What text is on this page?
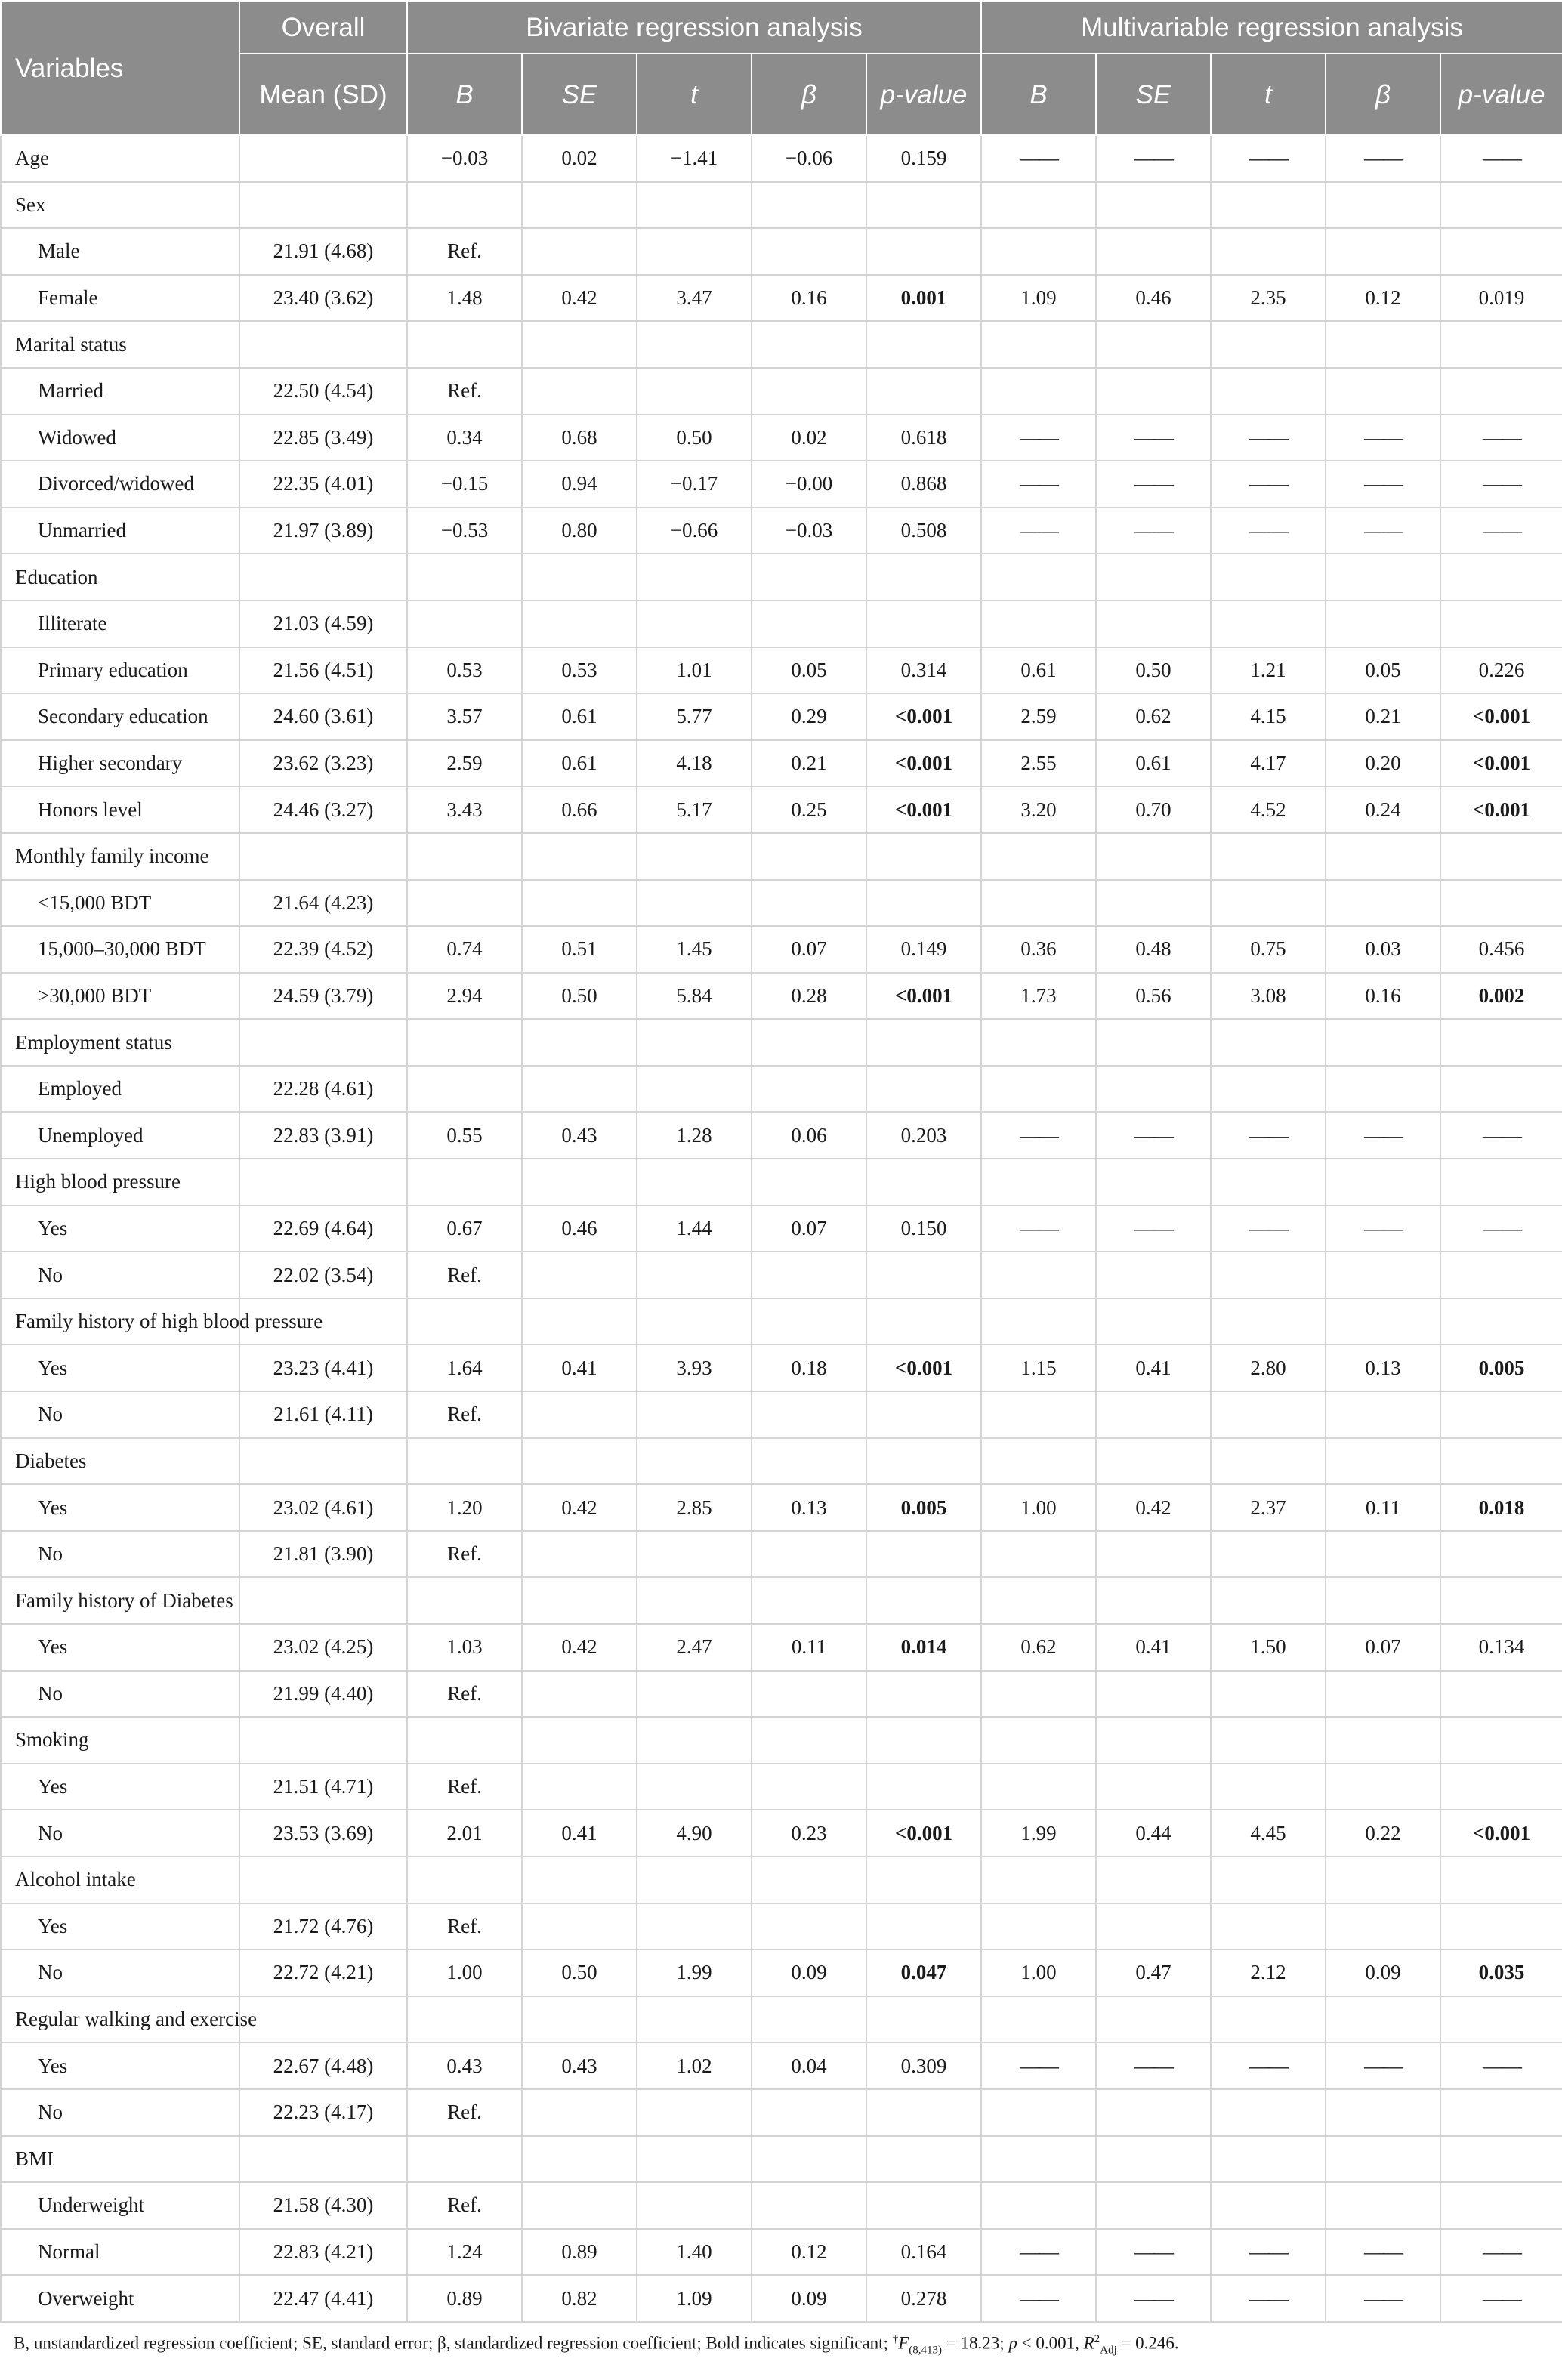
Variables	Overall	Bivariate regression analysis					Multivariable regression analysis				
	Mean (SD)	B	SE	t	β	p-value	B	SE	t	β	p-value
Age		−0.03	0.02	−1.41	−0.06	0.159	——	——	——	——	——
Sex											
Male	21.91 (4.68)	Ref.									
Female	23.40 (3.62)	1.48	0.42	3.47	0.16	0.001	1.09	0.46	2.35	0.12	0.019
Marital status											
Married	22.50 (4.54)	Ref.									
Widowed	22.85 (3.49)	0.34	0.68	0.50	0.02	0.618	——	——	——	——	——
Divorced/widowed	22.35 (4.01)	−0.15	0.94	−0.17	−0.00	0.868	——	——	——	——	——
Unmarried	21.97 (3.89)	−0.53	0.80	−0.66	−0.03	0.508	——	——	——	——	——
Education											
Illiterate	21.03 (4.59)										
Primary education	21.56 (4.51)	0.53	0.53	1.01	0.05	0.314	0.61	0.50	1.21	0.05	0.226
Secondary education	24.60 (3.61)	3.57	0.61	5.77	0.29	<0.001	2.59	0.62	4.15	0.21	<0.001
Higher secondary	23.62 (3.23)	2.59	0.61	4.18	0.21	<0.001	2.55	0.61	4.17	0.20	<0.001
Honors level	24.46 (3.27)	3.43	0.66	5.17	0.25	<0.001	3.20	0.70	4.52	0.24	<0.001
Monthly family income											
<15,000 BDT	21.64 (4.23)										
15,000–30,000 BDT	22.39 (4.52)	0.74	0.51	1.45	0.07	0.149	0.36	0.48	0.75	0.03	0.456
>30,000 BDT	24.59 (3.79)	2.94	0.50	5.84	0.28	<0.001	1.73	0.56	3.08	0.16	0.002
Employment status											
Employed	22.28 (4.61)										
Unemployed	22.83 (3.91)	0.55	0.43	1.28	0.06	0.203	——	——	——	——	——
High blood pressure											
Yes	22.69 (4.64)	0.67	0.46	1.44	0.07	0.150	——	——	——	——	——
No	22.02 (3.54)	Ref.									
Family history of high blood pressure											
Yes	23.23 (4.41)	1.64	0.41	3.93	0.18	<0.001	1.15	0.41	2.80	0.13	0.005
No	21.61 (4.11)	Ref.									
Diabetes											
Yes	23.02 (4.61)	1.20	0.42	2.85	0.13	0.005	1.00	0.42	2.37	0.11	0.018
No	21.81 (3.90)	Ref.									
Family history of Diabetes											
Yes	23.02 (4.25)	1.03	0.42	2.47	0.11	0.014	0.62	0.41	1.50	0.07	0.134
No	21.99 (4.40)	Ref.									
Smoking											
Yes	21.51 (4.71)	Ref.									
No	23.53 (3.69)	2.01	0.41	4.90	0.23	<0.001	1.99	0.44	4.45	0.22	<0.001
Alcohol intake											
Yes	21.72 (4.76)	Ref.									
No	22.72 (4.21)	1.00	0.50	1.99	0.09	0.047	1.00	0.47	2.12	0.09	0.035
Regular walking and exercise											
Yes	22.67 (4.48)	0.43	0.43	1.02	0.04	0.309	——	——	——	——	——
No	22.23 (4.17)	Ref.									
BMI											
Underweight	21.58 (4.30)	Ref.									
Normal	22.83 (4.21)	1.24	0.89	1.40	0.12	0.164	——	——	——	——	——
Overweight	22.47 (4.41)	0.89	0.82	1.09	0.09	0.278	——	——	——	——	——
B, unstandardized regression coefficient; SE, standard error; β, standardized regression coefficient; Bold indicates significant; $^\dagger F_{(8,413)} = 18.23$; p < 0.001, $R^2_{Adj} = 0.246$.
